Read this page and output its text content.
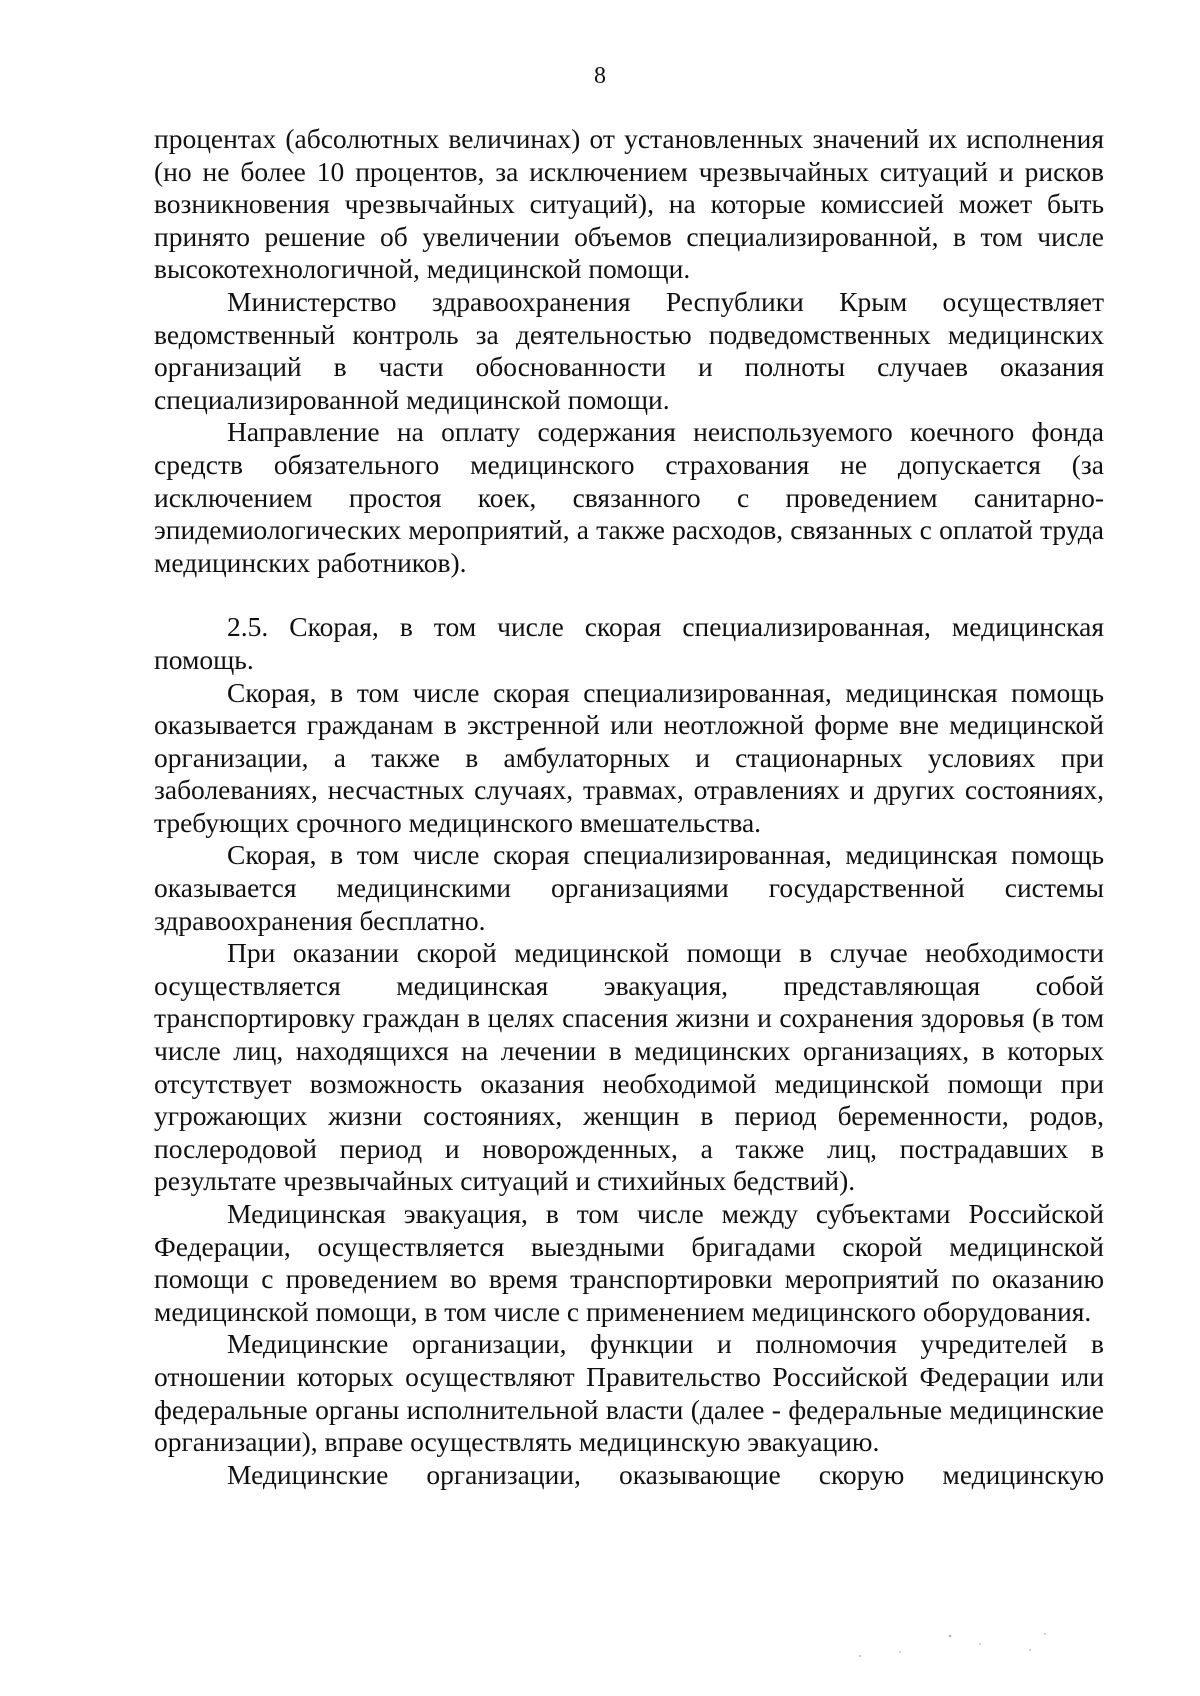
8

процентах (абсолютных величинах) от установленных значений их исполнения (но не более 10 процентов, за исключением чрезвычайных ситуаций и рисков возникновения чрезвычайных ситуаций), на которые комиссией может быть принято решение об увеличении объемов специализированной, в том числе высокотехнологичной, медицинской помощи.

Министерство здравоохранения Республики Крым осуществляет ведомственный контроль за деятельностью подведомственных медицинских организаций в части обоснованности и полноты случаев оказания специализированной медицинской помощи.

Направление на оплату содержания неиспользуемого коечного фонда средств обязательного медицинского страхования не допускается (за исключением простоя коек, связанного с проведением санитарно-эпидемиологических мероприятий, а также расходов, связанных с оплатой труда медицинских работников).

2.5. Скорая, в том числе скорая специализированная, медицинская помощь.

Скорая, в том числе скорая специализированная, медицинская помощь оказывается гражданам в экстренной или неотложной форме вне медицинской организации, а также в амбулаторных и стационарных условиях при заболеваниях, несчастных случаях, травмах, отравлениях и других состояниях, требующих срочного медицинского вмешательства.

Скорая, в том числе скорая специализированная, медицинская помощь оказывается медицинскими организациями государственной системы здравоохранения бесплатно.

При оказании скорой медицинской помощи в случае необходимости осуществляется медицинская эвакуация, представляющая собой транспортировку граждан в целях спасения жизни и сохранения здоровья (в том числе лиц, находящихся на лечении в медицинских организациях, в которых отсутствует возможность оказания необходимой медицинской помощи при угрожающих жизни состояниях, женщин в период беременности, родов, послеродовой период и новорожденных, а также лиц, пострадавших в результате чрезвычайных ситуаций и стихийных бедствий).

Медицинская эвакуация, в том числе между субъектами Российской Федерации, осуществляется выездными бригадами скорой медицинской помощи с проведением во время транспортировки мероприятий по оказанию медицинской помощи, в том числе с применением медицинского оборудования.

Медицинские организации, функции и полномочия учредителей в отношении которых осуществляют Правительство Российской Федерации или федеральные органы исполнительной власти (далее - федеральные медицинские организации), вправе осуществлять медицинскую эвакуацию.

Медицинские организации, оказывающие скорую медицинскую
